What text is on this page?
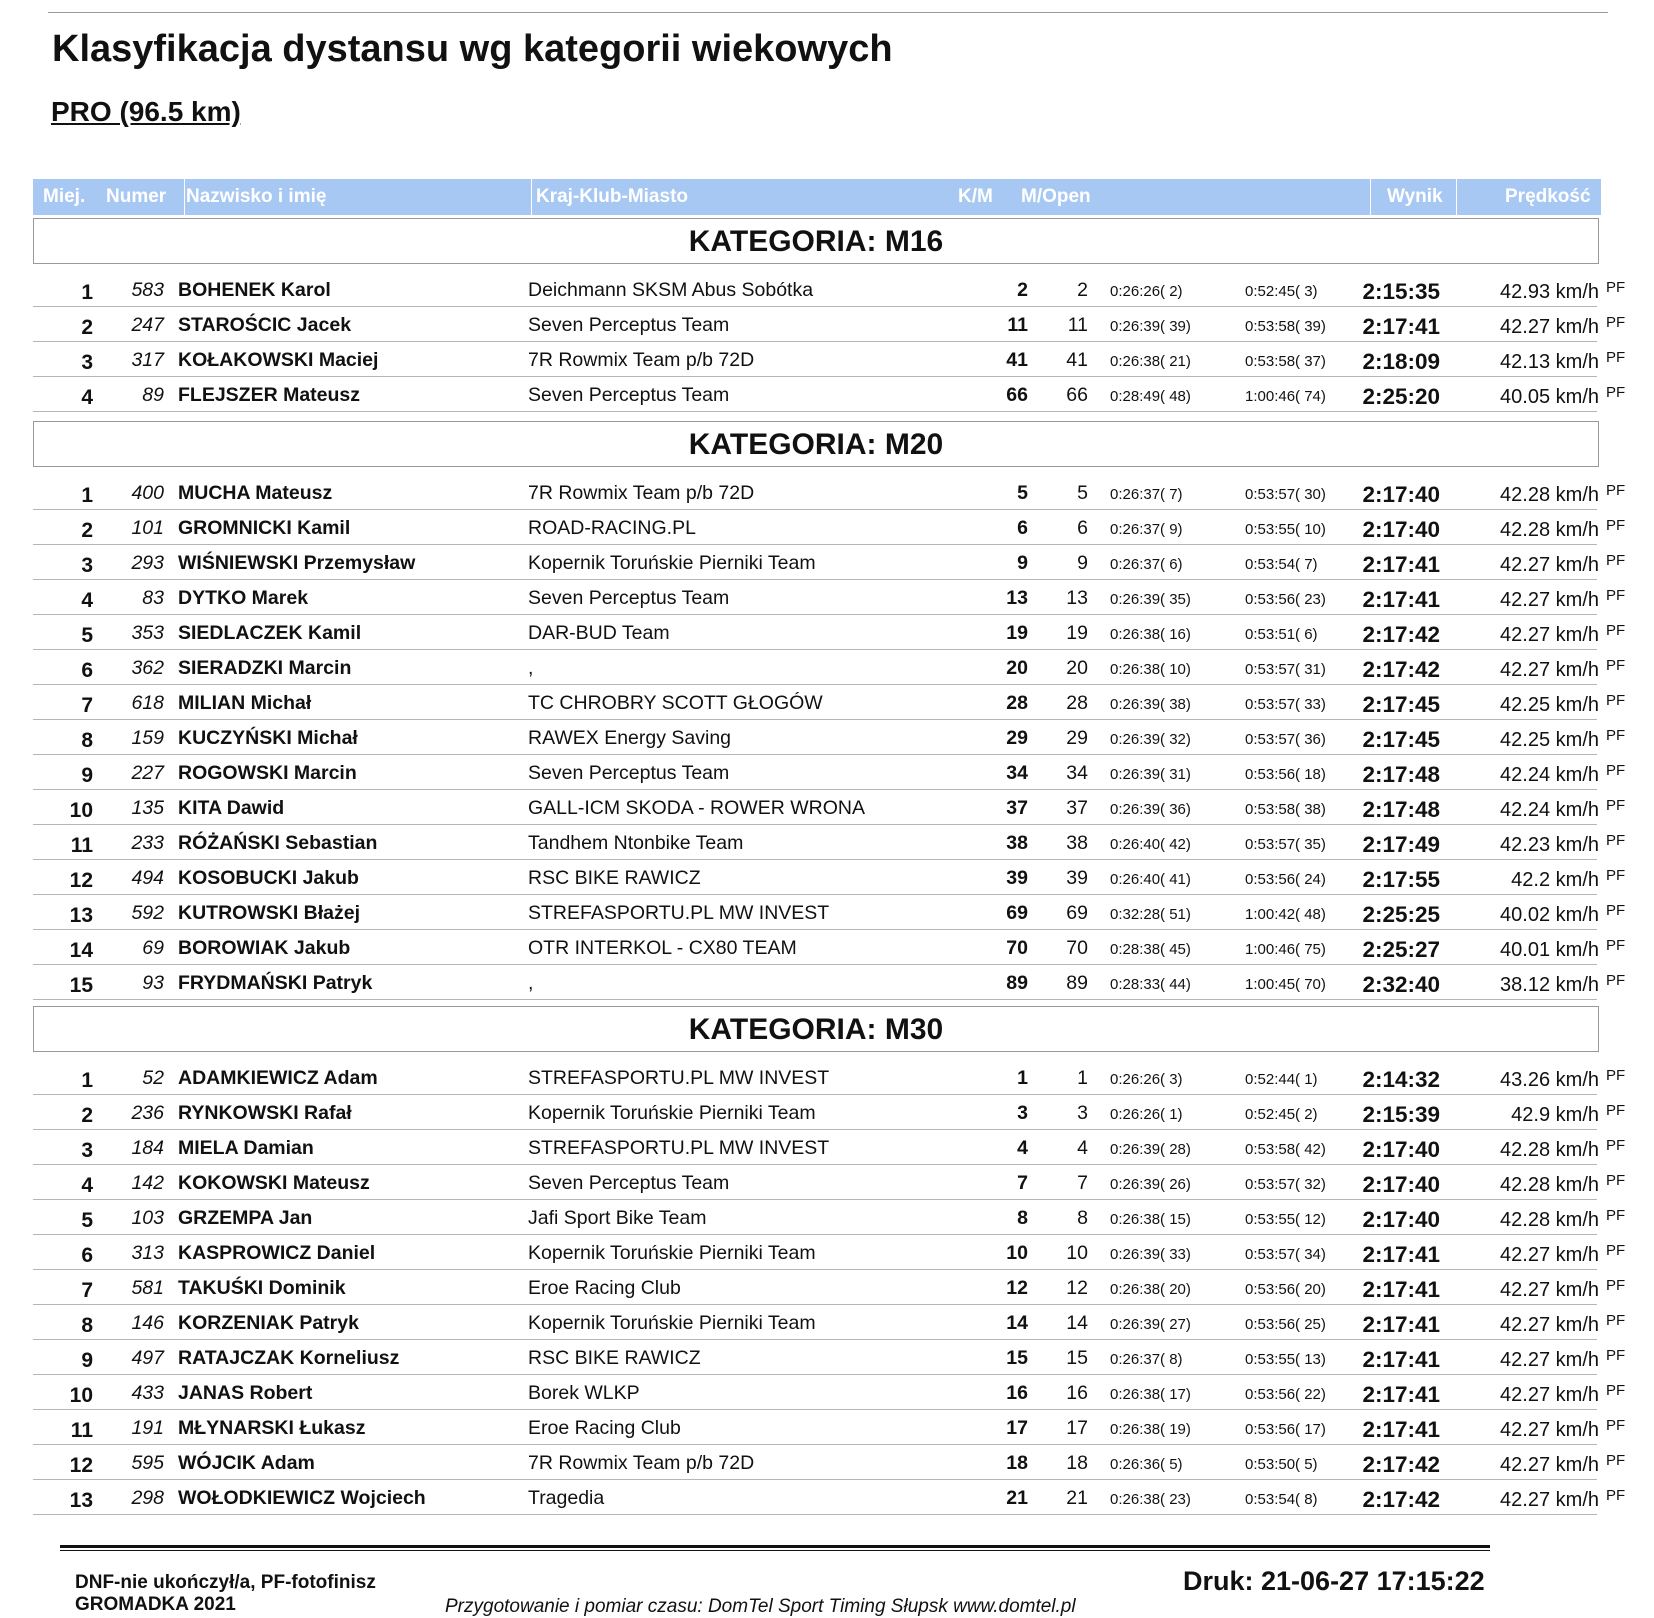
Klasyfikacja dystansu wg kategorii wiekowych
PRO (96.5 km)
Miej. Numer Nazwisko i imię	Kraj-Klub-Miasto	K/M M/Open	Wynik	Prędkość
KATEGORIA: M16
1	583 BOHENEK Karol	Deichmann SKSM Abus Sobótka	2	2 0:26:26( 2)	0:52:45( 3)	2:15:35	42.93 km/h PF
2	247 STAROŚCIC Jacek	Seven Perceptus Team	11	11 0:26:39( 39)	0:53:58( 39)	2:17:41	42.27 km/h PF
3	317 KOŁAKOWSKI Maciej	7R Rowmix Team p/b 72D	41	41 0:26:38( 21)	0:53:58( 37)	2:18:09	42.13 km/h PF
4	89 FLEJSZER Mateusz	Seven Perceptus Team	66	66 0:28:49( 48)	1:00:46( 74)	2:25:20	40.05 km/h PF
KATEGORIA: M20
1	400 MUCHA Mateusz	7R Rowmix Team p/b 72D	5	5 0:26:37( 7)	0:53:57( 30)	2:17:40	42.28 km/h PF
2	101 GROMNICKI Kamil	ROAD-RACING.PL	6	6 0:26:37( 9)	0:53:55( 10)	2:17:40	42.28 km/h PF
3	293 WIŚNIEWSKI Przemysław	Kopernik Toruńskie Pierniki Team	9	9 0:26:37( 6)	0:53:54( 7)	2:17:41	42.27 km/h PF
4	83 DYTKO Marek	Seven Perceptus Team	13	13 0:26:39( 35)	0:53:56( 23)	2:17:41	42.27 km/h PF
5	353 SIEDLACZEK Kamil	DAR-BUD Team	19	19 0:26:38( 16)	0:53:51( 6)	2:17:42	42.27 km/h PF
6	362 SIERADZKI Marcin	,	20	20 0:26:38( 10)	0:53:57( 31)	2:17:42	42.27 km/h PF
7	618 MILIAN Michał	TC CHROBRY SCOTT GŁOGÓW	28	28 0:26:39( 38)	0:53:57( 33)	2:17:45	42.25 km/h PF
8	159 KUCZYŃSKI Michał	RAWEX Energy Saving	29	29 0:26:39( 32)	0:53:57( 36)	2:17:45	42.25 km/h PF
9	227 ROGOWSKI Marcin	Seven Perceptus Team	34	34 0:26:39( 31)	0:53:56( 18)	2:17:48	42.24 km/h PF
10	135 KITA Dawid	GALL-ICM SKODA - ROWER WRONA	37	37 0:26:39( 36)	0:53:58( 38)	2:17:48	42.24 km/h PF
11	233 RÓŻAŃSKI Sebastian	Tandhem Ntonbike Team	38	38 0:26:40( 42)	0:53:57( 35)	2:17:49	42.23 km/h PF
12	494 KOSOBUCKI Jakub	RSC BIKE RAWICZ	39	39 0:26:40( 41)	0:53:56( 24)	2:17:55	42.2 km/h PF
13	592 KUTROWSKI Błażej	STREFASPORTU.PL MW INVEST	69	69 0:32:28( 51)	1:00:42( 48)	2:25:25	40.02 km/h PF
14	69 BOROWIAK Jakub	OTR INTERKOL - CX80 TEAM	70	70 0:28:38( 45)	1:00:46( 75)	2:25:27	40.01 km/h PF
15	93 FRYDMAŃSKI Patryk	,	89	89 0:28:33( 44)	1:00:45( 70)	2:32:40	38.12 km/h PF
KATEGORIA: M30
1	52 ADAMKIEWICZ Adam	STREFASPORTU.PL MW INVEST	1	1 0:26:26( 3)	0:52:44( 1)	2:14:32	43.26 km/h PF
2	236 RYNKOWSKI Rafał	Kopernik Toruńskie Pierniki Team	3	3 0:26:26( 1)	0:52:45( 2)	2:15:39	42.9 km/h PF
3	184 MIELA Damian	STREFASPORTU.PL MW INVEST	4	4 0:26:39( 28)	0:53:58( 42)	2:17:40	42.28 km/h PF
4	142 KOKOWSKI Mateusz	Seven Perceptus Team	7	7 0:26:39( 26)	0:53:57( 32)	2:17:40	42.28 km/h PF
5	103 GRZEMPA Jan	Jafi Sport Bike Team	8	8 0:26:38( 15)	0:53:55( 12)	2:17:40	42.28 km/h PF
6	313 KASPROWICZ Daniel	Kopernik Toruńskie Pierniki Team	10	10 0:26:39( 33)	0:53:57( 34)	2:17:41	42.27 km/h PF
7	581 TAKUŚKI Dominik	Eroe Racing Club	12	12 0:26:38( 20)	0:53:56( 20)	2:17:41	42.27 km/h PF
8	146 KORZENIAK Patryk	Kopernik Toruńskie Pierniki Team	14	14 0:26:39( 27)	0:53:56( 25)	2:17:41	42.27 km/h PF
9	497 RATAJCZAK Korneliusz	RSC BIKE RAWICZ	15	15 0:26:37( 8)	0:53:55( 13)	2:17:41	42.27 km/h PF
10	433 JANAS Robert	Borek WLKP	16	16 0:26:38( 17)	0:53:56( 22)	2:17:41	42.27 km/h PF
11	191 MŁYNARSKI Łukasz	Eroe Racing Club	17	17 0:26:38( 19)	0:53:56( 17)	2:17:41	42.27 km/h PF
12	595 WÓJCIK Adam	7R Rowmix Team p/b 72D	18	18 0:26:36( 5)	0:53:50( 5)	2:17:42	42.27 km/h PF
13	298 WOŁODKIEWICZ Wojciech	Tragedia	21	21 0:26:38( 23)	0:53:54( 8)	2:17:42	42.27 km/h PF
DNF-nie ukończył/a, PF-fotofinisz	Druk: 21-06-27 17:15:22
GROMADKA 2021	Przygotowanie i pomiar czasu: DomTel Sport Timing Słupsk www.domtel.pl
